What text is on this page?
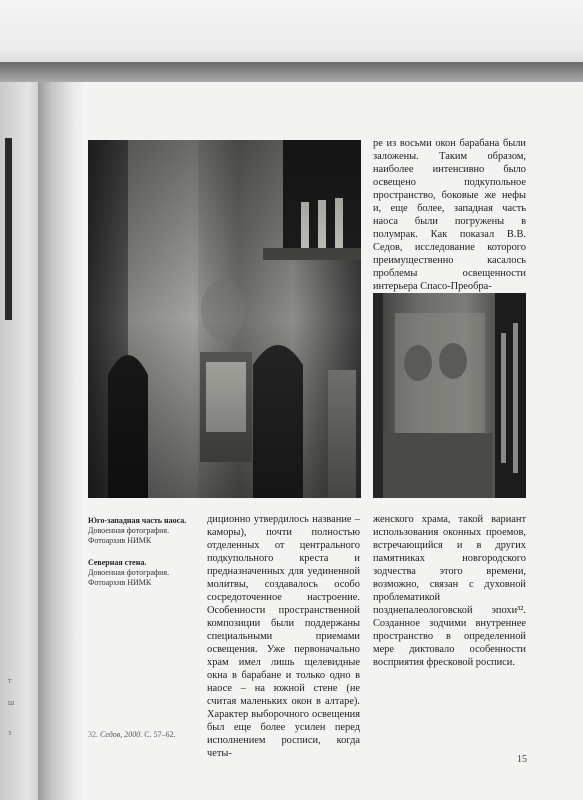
т
ш
з
Юго-западная часть наоса.
Довоенная фотография.
Фотоархив НИМК
Северная стена.
Довоенная фотография.
Фотоархив НИМК

ре из восьми окон барабана были заложены. Таким образом, наиболее интенсивно было освещено подкупольное пространство, боковые же нефы и, еще более, западная часть наоса были погружены в полумрак. Как показал В.В. Седов, исследование которого преимущественно касалось проблемы освещенности интерьера Спасо-Преобра-

диционно утвердилось название – каморы), почти полностью отделенных от центрального подкупольного креста и предназначенных для уединенной молитвы, создавалось особо сосредоточенное настроение. Особенности пространственной композиции были поддержаны специальными приемами освещения. Уже первоначально храм имел лишь щелевидные окна в барабане и только одно в наосе – на южной стене (не считая маленьких окон в алтаре). Характер выборочного освещения был еще более усилен перед исполнением росписи, когда четы-

женского храма, такой вариант использования оконных проемов, встречающийся и в других памятниках новгородского зодчества этого времени, возможно, связан с духовной проблематикой позднепалеологовской эпохи³². Созданное зодчими внутреннее пространство в определенной мере диктовало особенности восприятия фресковой росписи.

32. Седов, 2000. С. 57–62.
15
